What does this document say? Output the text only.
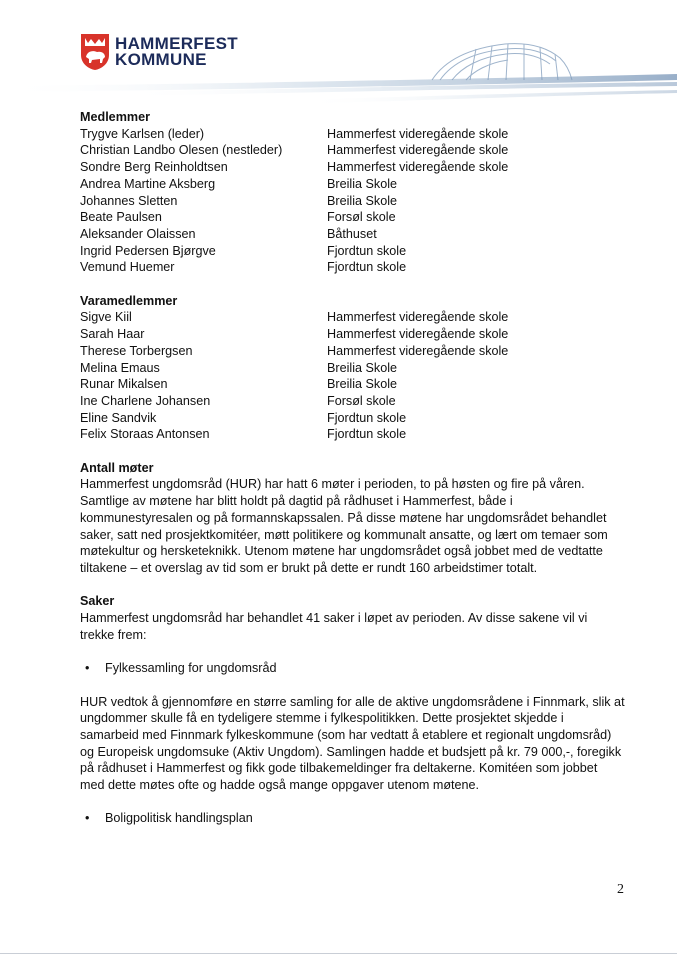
HAMMERFEST
KOMMUNE
Medlemmer
Trygve Karlsen (leder)	Hammerfest videregående skole
Christian Landbo Olesen (nestleder)	Hammerfest videregående skole
Sondre Berg Reinholdtsen	Hammerfest videregående skole
Andrea Martine Aksberg	Breilia Skole
Johannes Sletten	Breilia Skole
Beate Paulsen	Forsøl skole
Aleksander Olaissen	Båthuset
Ingrid Pedersen Bjørgve	Fjordtun skole
Vemund Huemer	Fjordtun skole
Varamedlemmer
Sigve Kiil	Hammerfest videregående skole
Sarah Haar	Hammerfest videregående skole
Therese Torbergsen	Hammerfest videregående skole
Melina Emaus	Breilia Skole
Runar Mikalsen	Breilia Skole
Ine Charlene Johansen	Forsøl skole
Eline Sandvik	Fjordtun skole
Felix Storaas Antonsen	Fjordtun skole
Antall møter

Hammerfest ungdomsråd (HUR) har hatt 6 møter i perioden, to på høsten og fire på våren. Samtlige av møtene har blitt holdt på dagtid på rådhuset i Hammerfest, både i kommunestyresalen og på formannskapssalen. På disse møtene har ungdomsrådet behandlet saker, satt ned prosjektkomitéer, møtt politikere og kommunalt ansatte, og lært om temaer som møtekultur og hersketeknikk. Utenom møtene har ungdomsrådet også jobbet med de vedtatte tiltakene – et overslag av tid som er brukt på dette er rundt 160 arbeidstimer totalt.

Saker

Hammerfest ungdomsråd har behandlet 41 saker i løpet av perioden. Av disse sakene vil vi trekke frem:

• Fylkessamling for ungdomsråd

HUR vedtok å gjennomføre en større samling for alle de aktive ungdomsrådene i Finnmark, slik at ungdommer skulle få en tydeligere stemme i fylkespolitikken. Dette prosjektet skjedde i samarbeid med Finnmark fylkeskommune (som har vedtatt å etablere et regionalt ungdomsråd) og Europeisk ungdomsuke (Aktiv Ungdom). Samlingen hadde et budsjett på kr. 79 000,-, foregikk på rådhuset i Hammerfest og fikk gode tilbakemeldinger fra deltakerne. Komitéen som jobbet med dette møtes ofte og hadde også mange oppgaver utenom møtene.

• Boligpolitisk handlingsplan
2
